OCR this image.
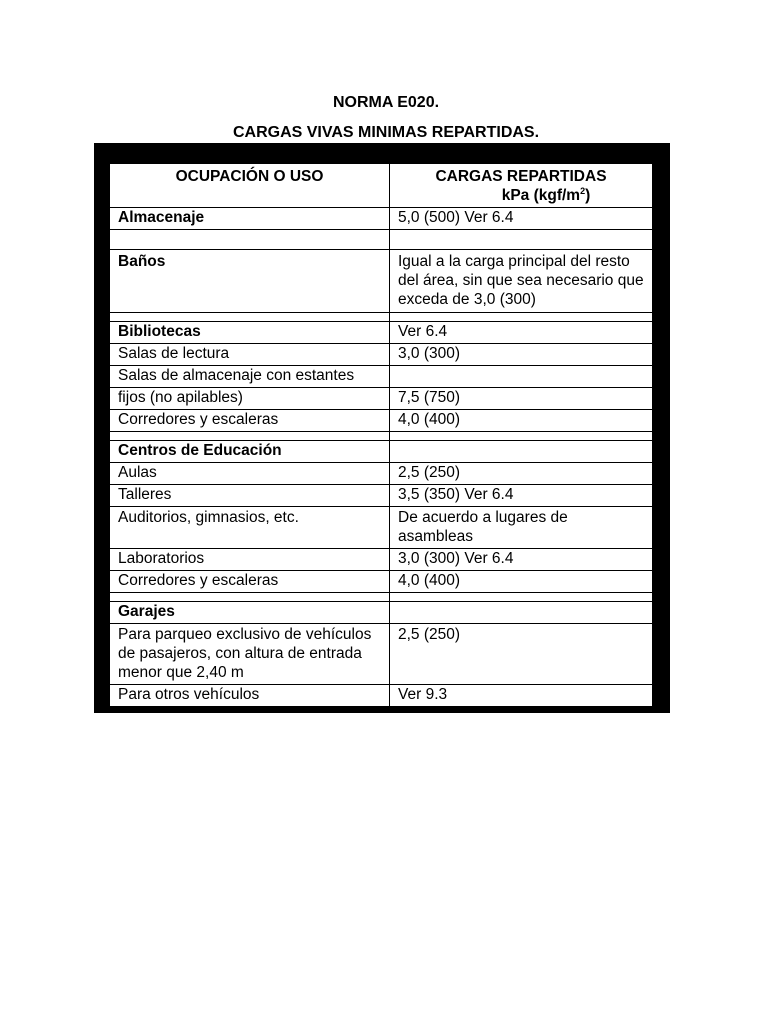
NORMA E020.
CARGAS VIVAS MINIMAS REPARTIDAS.
OCUPACIÓN O USO	CARGAS REPARTIDAS
kPa $(kgf/m^2)$

Almacenaje	5,0 (500) Ver 6.4

Baños	Igual a la carga principal del resto del área, sin que sea necesario que exceda de 3,0 (300)

Bibliotecas	Ver 6.4
Salas de lectura	3,0 (300)
Salas de almacenaje con estantes	
fijos (no apilables)	7,5 (750)
Corredores y escaleras	4,0 (400)

Centros de Educación	
Aulas	2,5 (250)
Talleres	3,5 (350) Ver 6.4
Auditorios, gimnasios, etc.	De acuerdo a lugares de asambleas
Laboratorios	3,0 (300) Ver 6.4
Corredores y escaleras	4,0 (400)

Garajes	
Para parqueo exclusivo de vehículos de pasajeros, con altura de entrada menor que 2,40 m	2,5 (250)
Para otros vehículos	Ver 9.3
